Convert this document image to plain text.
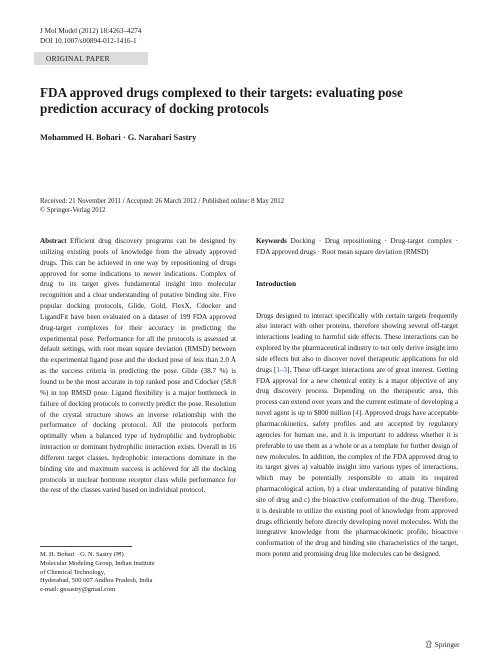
J Mol Model (2012) 18:4263–4274
DOI 10.1007/s00894-012-1416-1
ORIGINAL PAPER
FDA approved drugs complexed to their targets: evaluating pose prediction accuracy of docking protocols
Mohammed H. Bohari · G. Narahari Sastry
Received: 21 November 2011 / Accepted: 26 March 2012 / Published online: 8 May 2012
© Springer-Verlag 2012

Abstract Efficient drug discovery programs can be designed by utilizing existing pools of knowledge from the already approved drugs. This can be achieved in one way by repositioning of drugs approved for some indications to newer indications. Complex of drug to its target gives fundamental insight into molecular recognition and a clear understanding of putative binding site. Five popular docking protocols, Glide, Gold, FlexX, Cdocker and LigandFit have been evaluated on a dataset of 199 FDA approved drug-target complexes for their accuracy in predicting the experimental pose. Performance for all the protocols is assessed at default settings, with root mean square deviation (RMSD) between the experimental ligand pose and the docked pose of less than 2.0 Å as the success criteria in predicting the pose. Glide (38.7 %) is found to be the most accurate in top ranked pose and Cdocker (58.8 %) in top RMSD pose. Ligand flexibility is a major bottleneck in failure of docking protocols to correctly predict the pose. Resolution of the crystal structure shows an inverse relationship with the performance of docking protocol. All the protocols perform optimally when a balanced type of hydrophilic and hydrophobic interaction or dominant hydrophilic interaction exists. Overall in 16 different target classes, hydrophobic interactions dominate in the binding site and maximum success is achieved for all the docking protocols in nuclear hormone receptor class while performance for the rest of the classes varied based on individual protocol.

Keywords Docking · Drug repositioning · Drug-target complex · FDA approved drugs · Root mean square deviation (RMSD)

Introduction

Drugs designed to interact specifically with certain targets frequently also interact with other proteins, therefore showing several off-target interactions leading to harmful side effects. These interactions can be explored by the pharmaceutical industry to not only derive insight into side effects but also to discover novel therapeutic applications for old drugs [1–3]. These off-target interactions are of great interest. Getting FDA approval for a new chemical entity is a major objective of any drug discovery process. Depending on the therapeutic area, this process can extend over years and the current estimate of developing a novel agent is up to $800 million [4]. Approved drugs have acceptable pharmacokinetics, safety profiles and are accepted by regulatory agencies for human use, and it is important to address whether it is preferable to use them as a whole or as a template for further design of new molecules. In addition, the complex of the FDA approved drug to its target gives a) valuable insight into various types of interactions, which may be potentially responsible to attain its required pharmacological action, b) a clear understanding of putative binding site of drug and c) the bioactive conformation of the drug. Therefore, it is desirable to utilize the existing pool of knowledge from approved drugs efficiently before directly developing novel molecules. With the integrative knowledge from the pharmacokinetic profile, bioactive conformation of the drug and binding site characteristics of the target, more potent and promising drug like molecules can be designed.

M. H. Bohari · G. N. Sastry (✉)
Molecular Modeling Group, Indian Institute
of Chemical Technology,
Hyderabad, 500 607 Andhra Pradesh, India
e-mail: gnsastry@gmail.com
Springer
